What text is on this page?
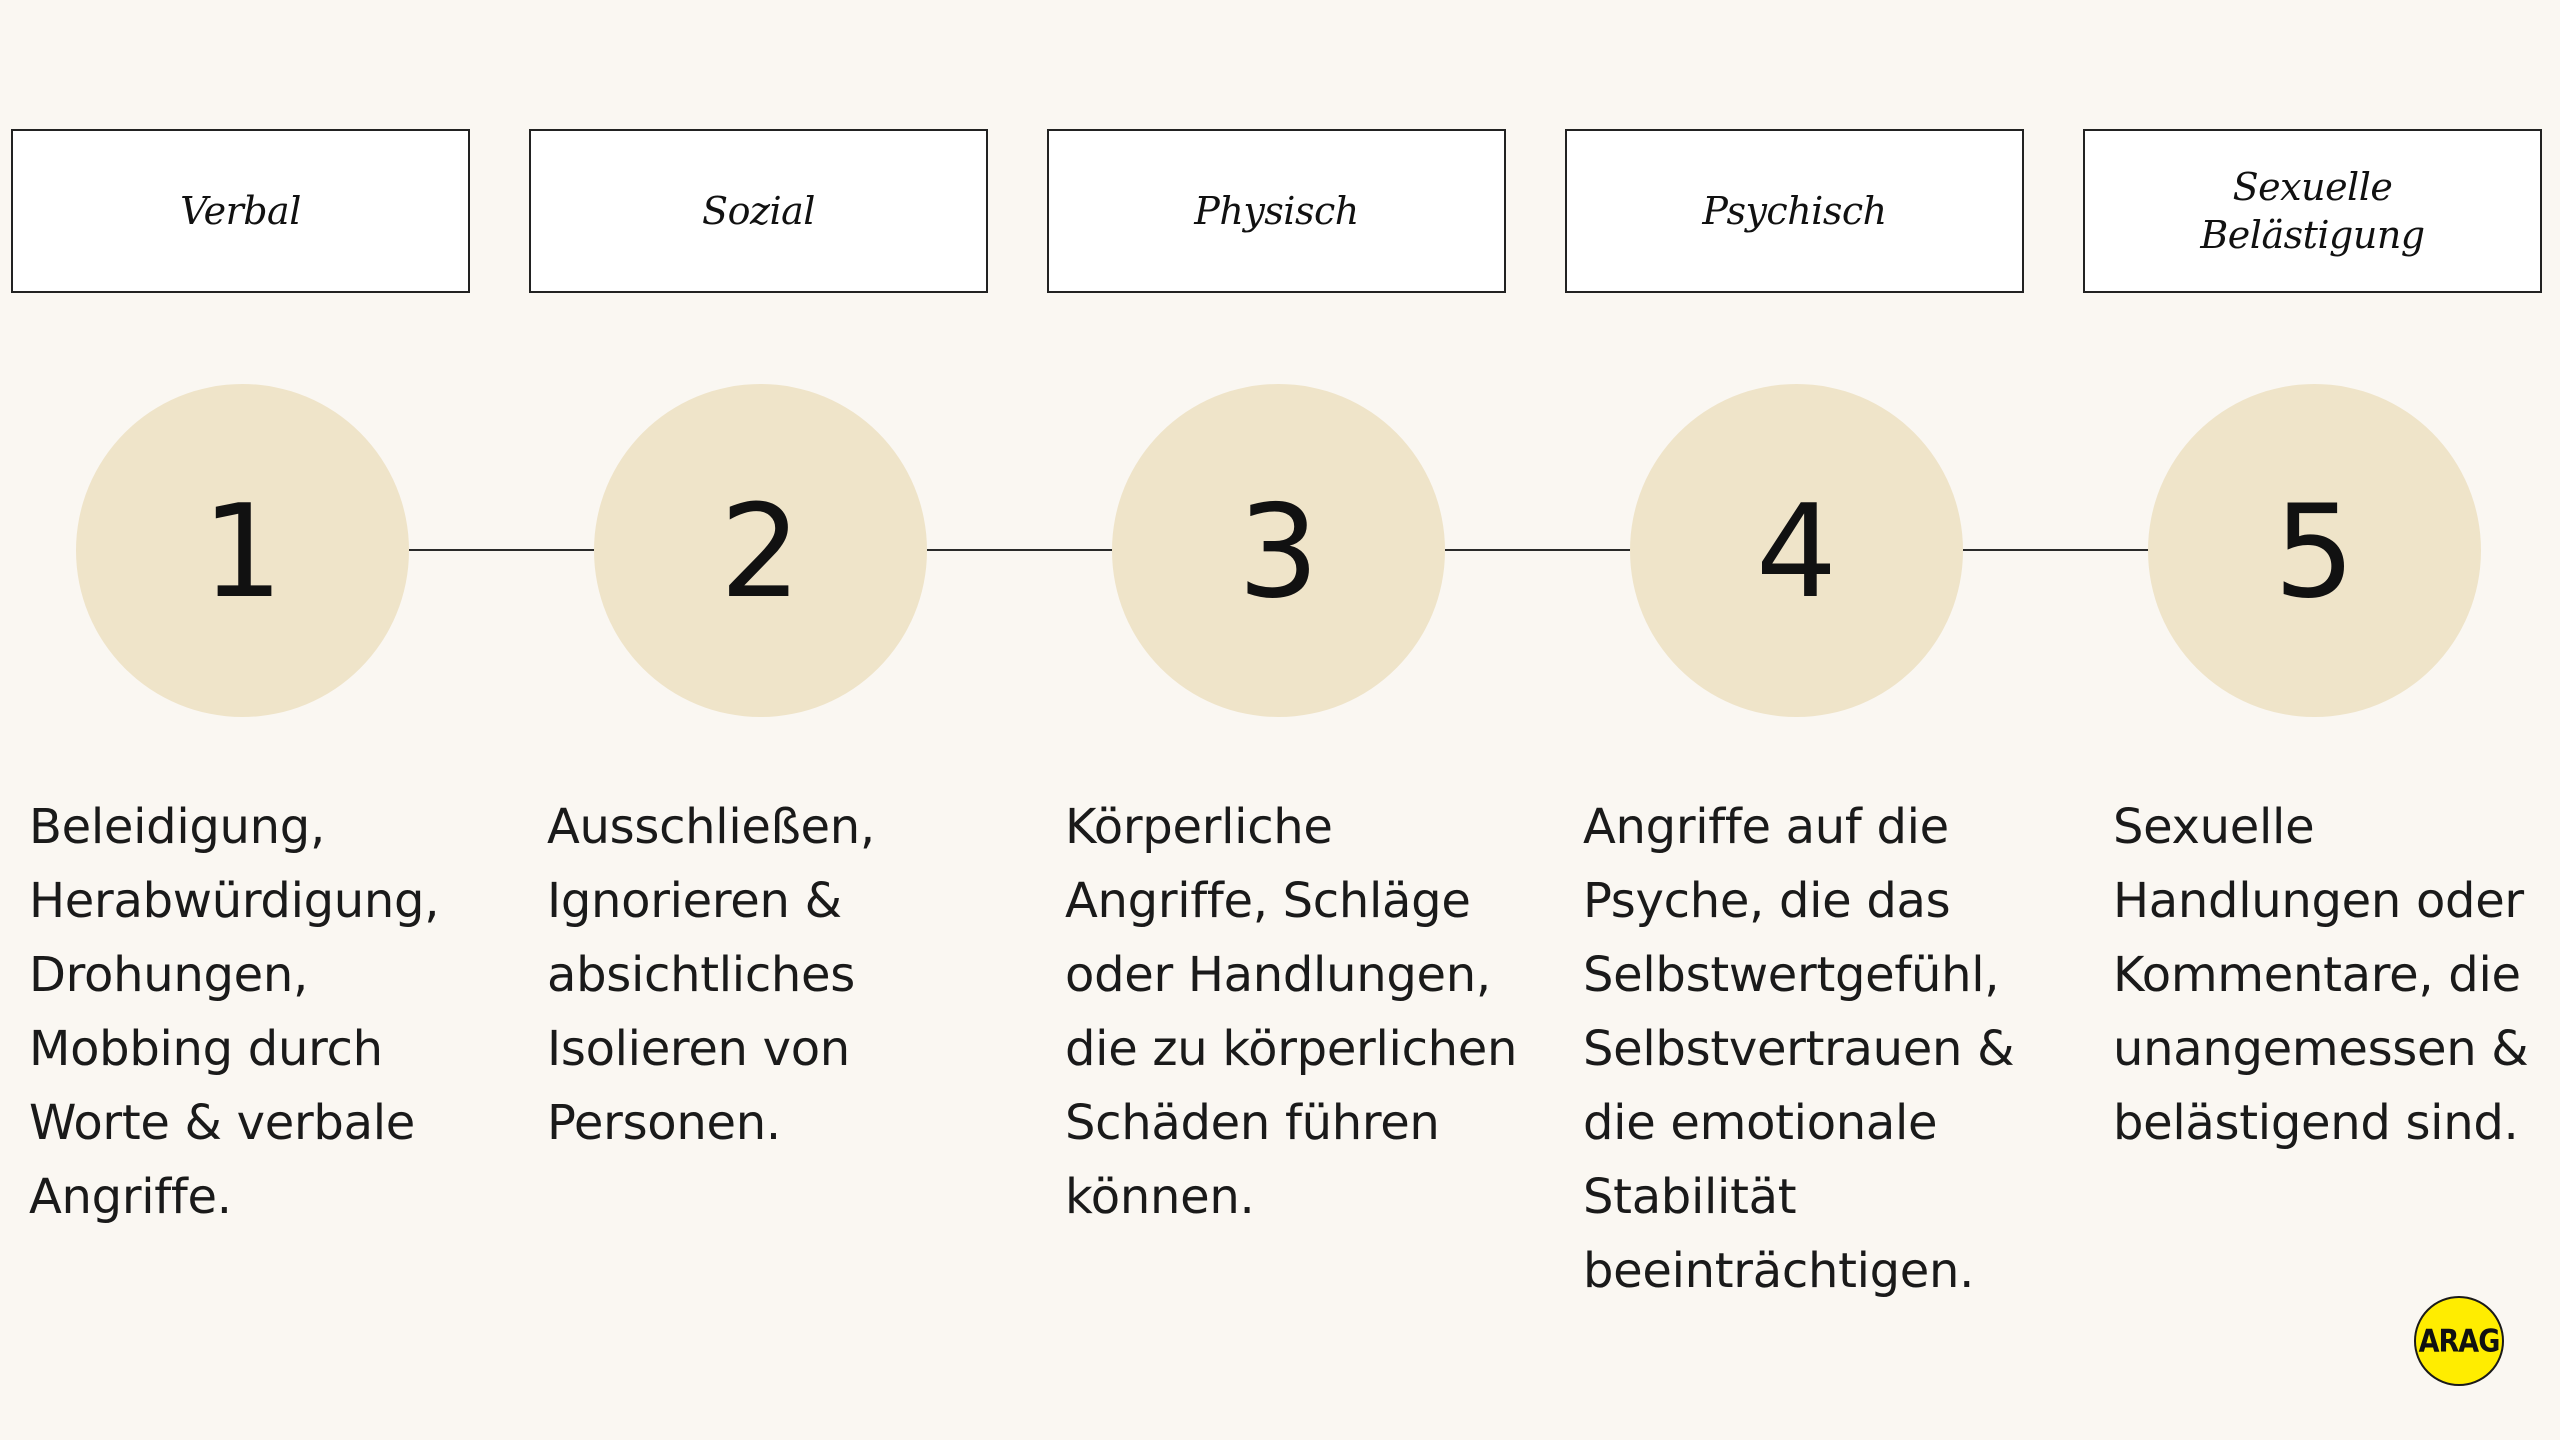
Verbal	Sozial	Physisch	Psychisch
Sexuelle
Belästigung
1	2	3	4	5
Beleidigung,
Herabwürdigung,
Drohungen,
Mobbing durch
Worte & verbale
Angriffe.
Ausschließen,
Ignorieren &
absichtliches
Isolieren von
Personen.
Körperliche
Angriffe, Schläge
oder Handlungen,
die zu körperlichen
Schäden führen
können.
Angriffe auf die
Psyche, die das
Selbstwertgefühl,
Selbstvertrauen &
die emotionale
Stabilität
beeinträchtigen.
Sexuelle
Handlungen oder
Kommentare, die
unangemessen &
belästigend sind.
ARAG
